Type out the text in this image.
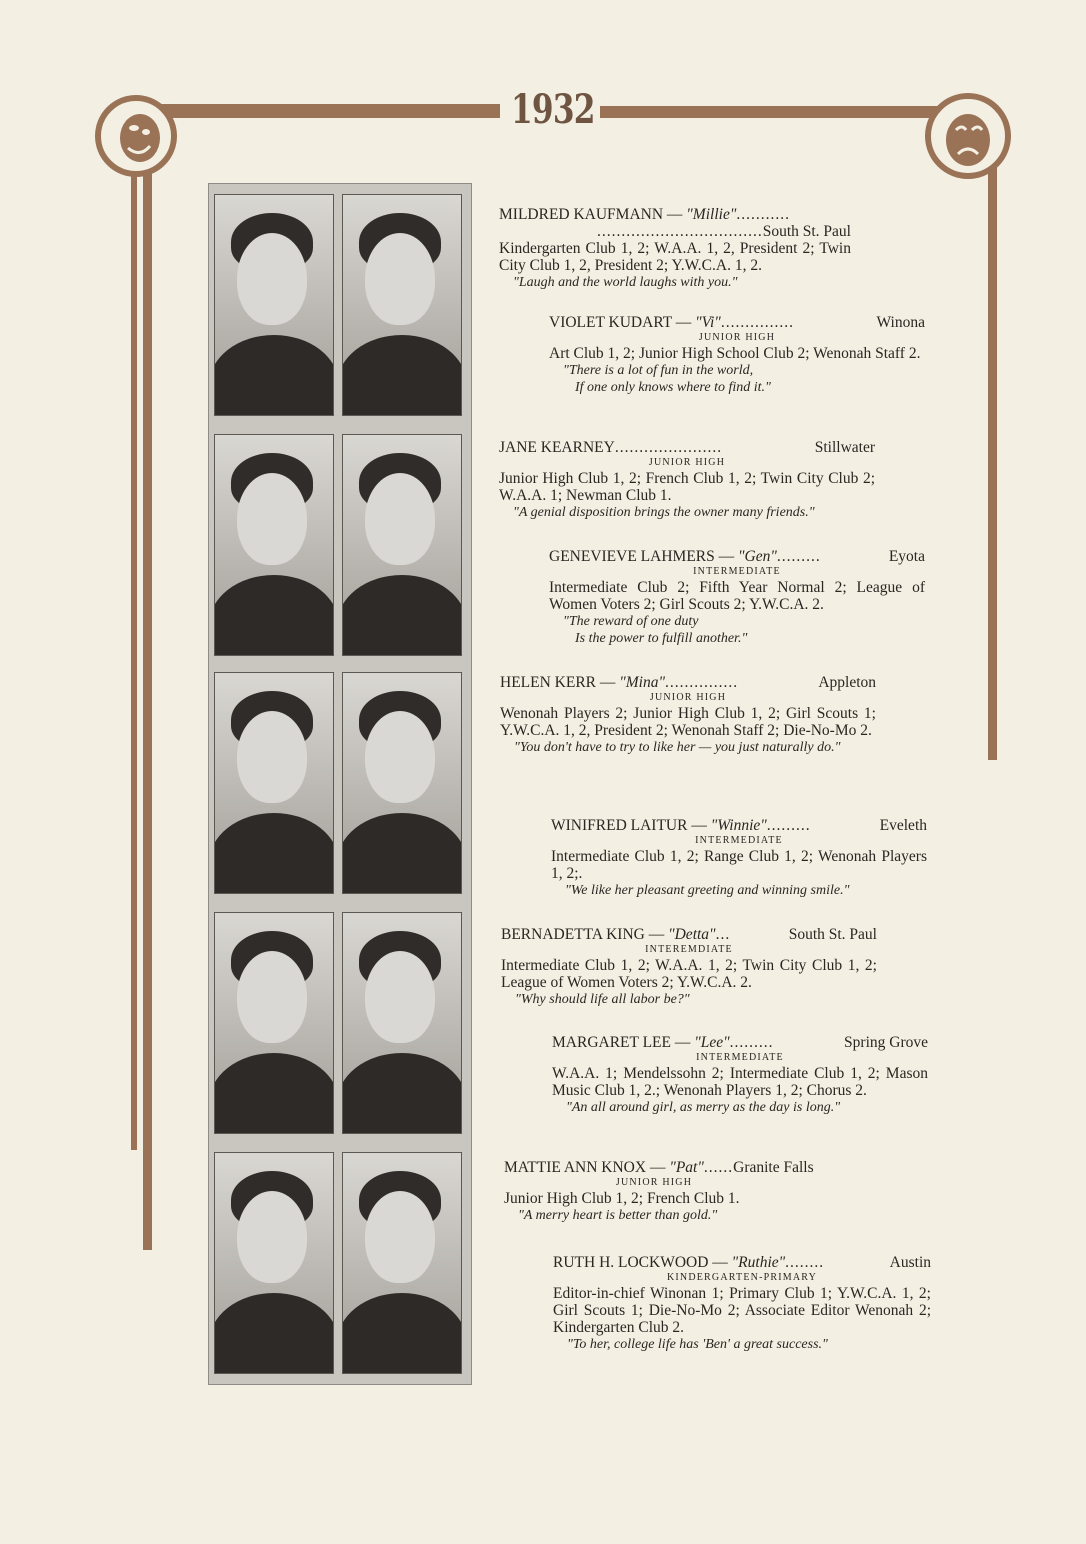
1932
MILDRED KAUFMANN — "Millie"...........
..................................South St. Paul
Kindergarten Club 1, 2; W.A.A. 1, 2, President 2; Twin City Club 1, 2, President 2; Y.W.C.A. 1, 2.
"Laugh and the world laughs with you."
VIOLET KUDART —
"Vi" ...............	Winona
JUNIOR HIGH
Art Club 1, 2; Junior High School Club 2; Wenonah Staff 2.
"There is a lot of fun in the world,
If one only knows where to find it."
JANE KEARNEY ......................	Stillwater
JUNIOR HIGH
Junior High Club 1, 2; French Club 1, 2; Twin City Club 2; W.A.A. 1; Newman Club 1.
"A genial disposition brings the owner many friends."
GENEVIEVE LAHMERS —
"Gen" .........	Eyota
INTERMEDIATE
Intermediate Club 2; Fifth Year Normal 2; League of Women Voters 2; Girl Scouts 2; Y.W.C.A. 2.
"The reward of one duty
Is the power to fulfill another."
HELEN KERR —
"Mina" ...............	Appleton
JUNIOR HIGH
Wenonah Players 2; Junior High Club 1, 2; Girl Scouts 1; Y.W.C.A. 1, 2, President 2; Wenonah Staff 2; Die-No-Mo 2.
"You don't have to try to like her — you just naturally do."
WINIFRED LAITUR —
"Winnie" .........	Eveleth
INTERMEDIATE
Intermediate Club 1, 2; Range Club 1, 2; Wenonah Players 1, 2;.
"We like her pleasant greeting and winning smile."
BERNADETTA KING —
"Detta" ...	South St. Paul
INTEREMDIATE
Intermediate Club 1, 2; W.A.A. 1, 2; Twin City Club 1, 2; League of Women Voters 2; Y.W.C.A. 2.
"Why should life all labor be?"
MARGARET LEE —
"Lee" .........	Spring Grove
INTERMEDIATE
W.A.A. 1; Mendelssohn 2; Intermediate Club 1, 2; Mason Music Club 1, 2.; Wenonah Players 1, 2; Chorus 2.
"An all around girl, as merry as the day is long."
MATTIE ANN KNOX — "Pat"......Granite Falls
JUNIOR HIGH
Junior High Club 1, 2; French Club 1.
"A merry heart is better than gold."
RUTH H. LOCKWOOD —
"Ruthie" ........	Austin
KINDERGARTEN-PRIMARY
Editor-in-chief Winonan 1; Primary Club 1; Y.W.C.A. 1, 2; Girl Scouts 1; Die-No-Mo 2; Associate Editor Wenonah 2; Kindergarten Club 2.
"To her, college life has 'Ben' a great success."
